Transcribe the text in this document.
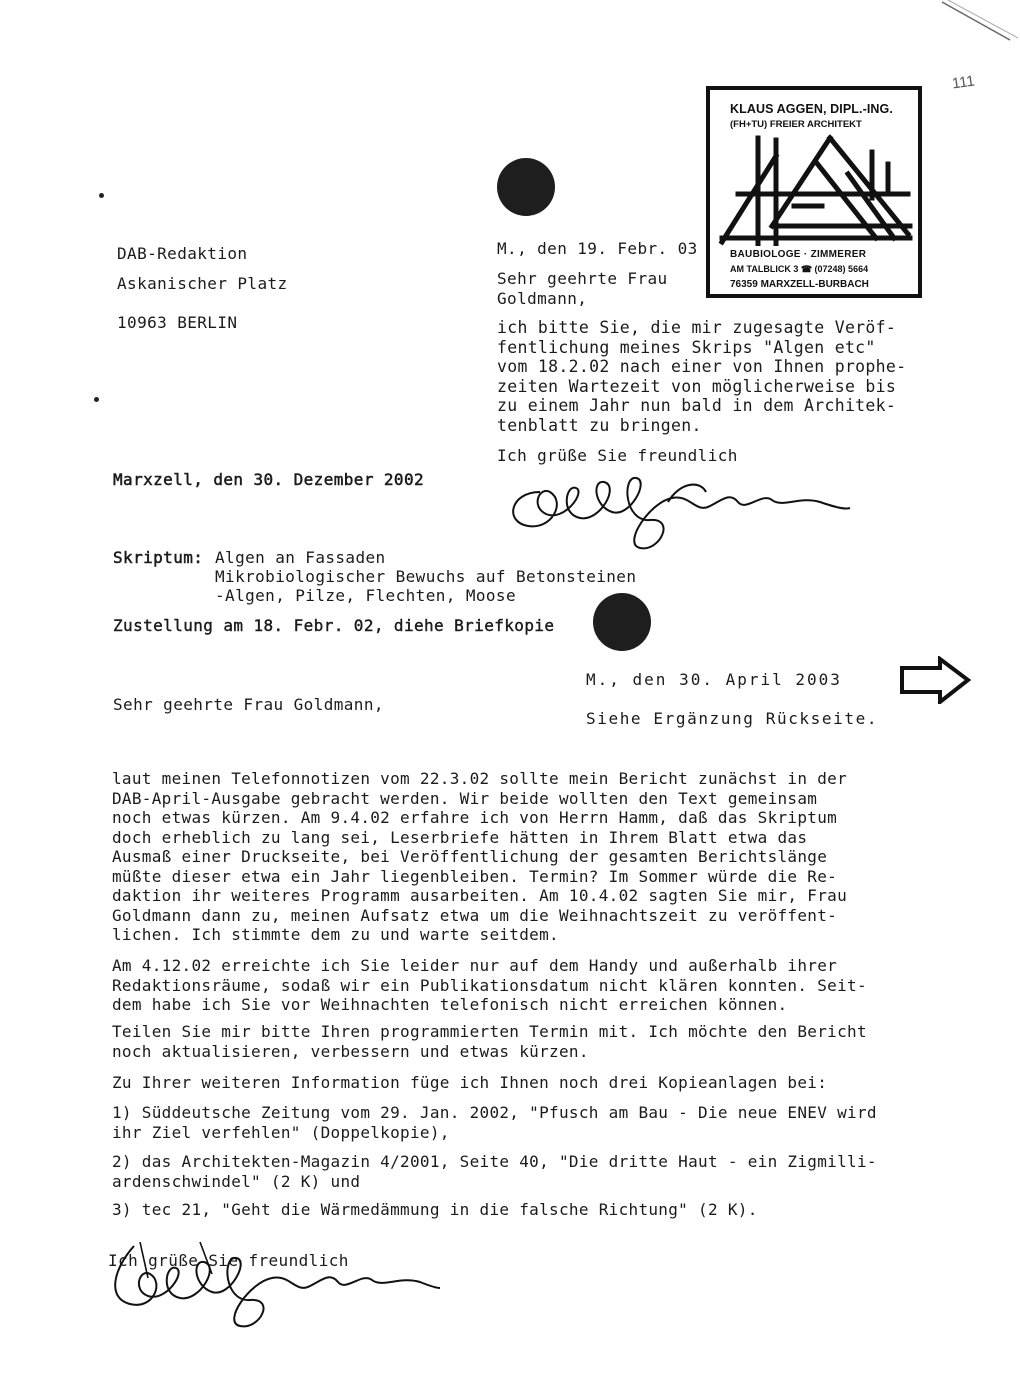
111
KLAUS AGGEN, DIPL.-ING.
(FH+TU) FREIER ARCHITEKT
BAUBIOLOGE · ZIMMERER
AM TALBLICK 3 ☎ (07248) 5664
76359 MARXZELL-BURBACH

DAB-Redaktion

Askanischer Platz

10963 BERLIN

M., den 19. Febr. 03

Sehr geehrte Frau

Goldmann,

ich bitte Sie, die mir zugesagte Veröf-
fentlichung meines Skrips "Algen etc"
vom 18.2.02 nach einer von Ihnen prophe-
zeiten Wartezeit von möglicherweise bis
zu einem Jahr nun bald in dem Architek-
tenblatt zu bringen.

Ich grüße Sie freundlich

Marxzell, den 30. Dezember 2002

Skriptum: Algen an Fassaden

Mikrobiologischer Bewuchs auf Betonsteinen

-Algen, Pilze, Flechten, Moose

Zustellung am 18. Febr. 02, diehe Briefkopie

M., den 30. April 2003

Siehe Ergänzung Rückseite.

Sehr geehrte Frau Goldmann,

laut meinen Telefonnotizen vom 22.3.02 sollte mein Bericht zunächst in der
DAB-April-Ausgabe gebracht werden. Wir beide wollten den Text gemeinsam
noch etwas kürzen. Am 9.4.02 erfahre ich von Herrn Hamm, daß das Skriptum
doch erheblich zu lang sei, Leserbriefe hätten in Ihrem Blatt etwa das
Ausmaß einer Druckseite, bei Veröffentlichung der gesamten Berichtslänge
müßte dieser etwa ein Jahr liegenbleiben. Termin? Im Sommer würde die Re-
daktion ihr weiteres Programm ausarbeiten. Am 10.4.02 sagten Sie mir, Frau
Goldmann dann zu, meinen Aufsatz etwa um die Weihnachtszeit zu veröffent-
lichen. Ich stimmte dem zu und warte seitdem.
Am 4.12.02 erreichte ich Sie leider nur auf dem Handy und außerhalb ihrer
Redaktionsräume, sodaß wir ein Publikationsdatum nicht klären konnten. Seit-
dem habe ich Sie vor Weihnachten telefonisch nicht erreichen können.
Teilen Sie mir bitte Ihren programmierten Termin mit. Ich möchte den Bericht
noch aktualisieren, verbessern und etwas kürzen.
Zu Ihrer weiteren Information füge ich Ihnen noch drei Kopieanlagen bei:
1) Süddeutsche Zeitung vom 29. Jan. 2002, "Pfusch am Bau - Die neue ENEV wird
ihr Ziel verfehlen" (Doppelkopie),
2) das Architekten-Magazin 4/2001, Seite 40, "Die dritte Haut - ein Zigmilli-
ardenschwindel" (2 K) und
3) tec 21, "Geht die Wärmedämmung in die falsche Richtung" (2 K).

Ich grüße Sie freundlich
